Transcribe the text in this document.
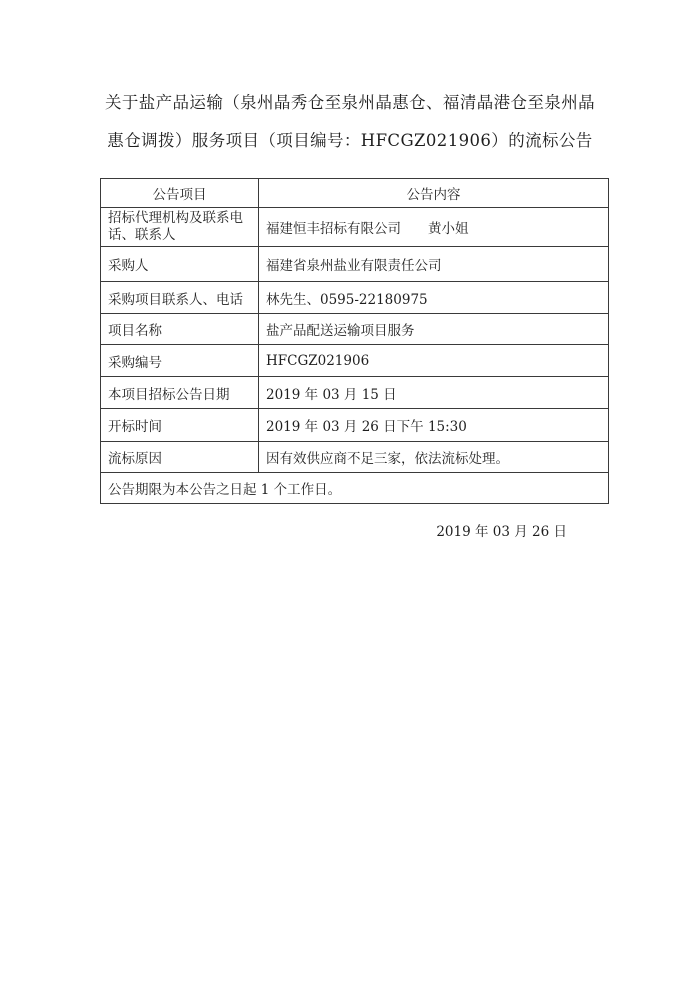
关于盐产品运输（泉州晶秀仓至泉州晶惠仓、福清晶港仓至泉州晶
惠仓调拨）服务项目（项目编号：HFCGZ021906）的流标公告
公告项目	公告内容
招标代理机构及联系电话、联系人	福建恒丰招标有限公司　　黄小姐
采购人	福建省泉州盐业有限责任公司
采购项目联系人、电话	林先生、0595-22180975
项目名称	盐产品配送运输项目服务
采购编号	HFCGZ021906
本项目招标公告日期	2019 年 03 月 15 日
开标时间	2019 年 03 月 26 日下午 15:30
流标原因	因有效供应商不足三家，依法流标处理。
公告期限为本公告之日起 1 个工作日。	
2019 年 03 月 26 日
